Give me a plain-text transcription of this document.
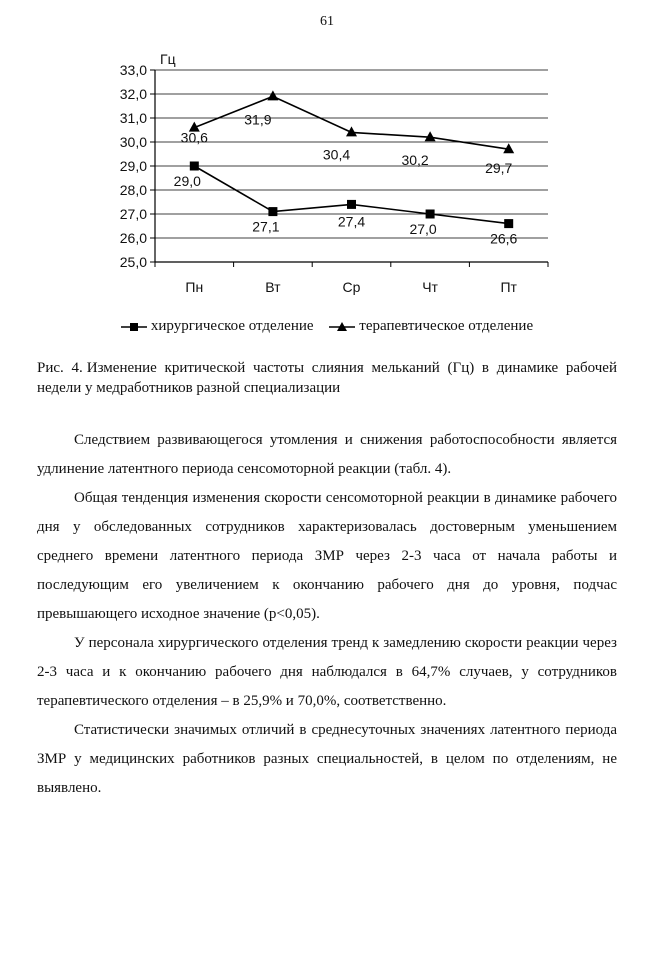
61
Гц
25,0
26,0
27,0
28,0
29,0
30,0
31,0
32,0
33,0
Пн	Вт	Ср	Чт	Пт
29,0
27,1	27,4	27,0
26,6
30,6
31,9
30,4	30,2	29,7
хирургическое отделение
	терапевтическое отделение
Рис. 4. Изменение критической частоты слияния мельканий (Гц) в динамике рабочей недели у медработников разной специализации

Следствием развивающегося утомления и снижения работоспособности является удлинение латентного периода сенсомоторной реакции (табл. 4).

Общая тенденция изменения скорости сенсомоторной реакции в динамике рабочего дня у обследованных сотрудников характеризовалась достоверным уменьшением среднего времени латентного периода ЗМР через 2-3 часа от начала работы и последующим его увеличением к окончанию рабочего дня до уровня, подчас превышающего исходное значение (p<0,05).

У персонала хирургического отделения тренд к замедлению скорости реакции через 2-3 часа и к окончанию рабочего дня наблюдался в 64,7% случаев, у сотрудников терапевтического отделения – в 25,9% и 70,0%, соответственно.

Статистически значимых отличий в среднесуточных значениях латентного периода ЗМР у медицинских работников разных специальностей, в целом по отделениям, не выявлено.
